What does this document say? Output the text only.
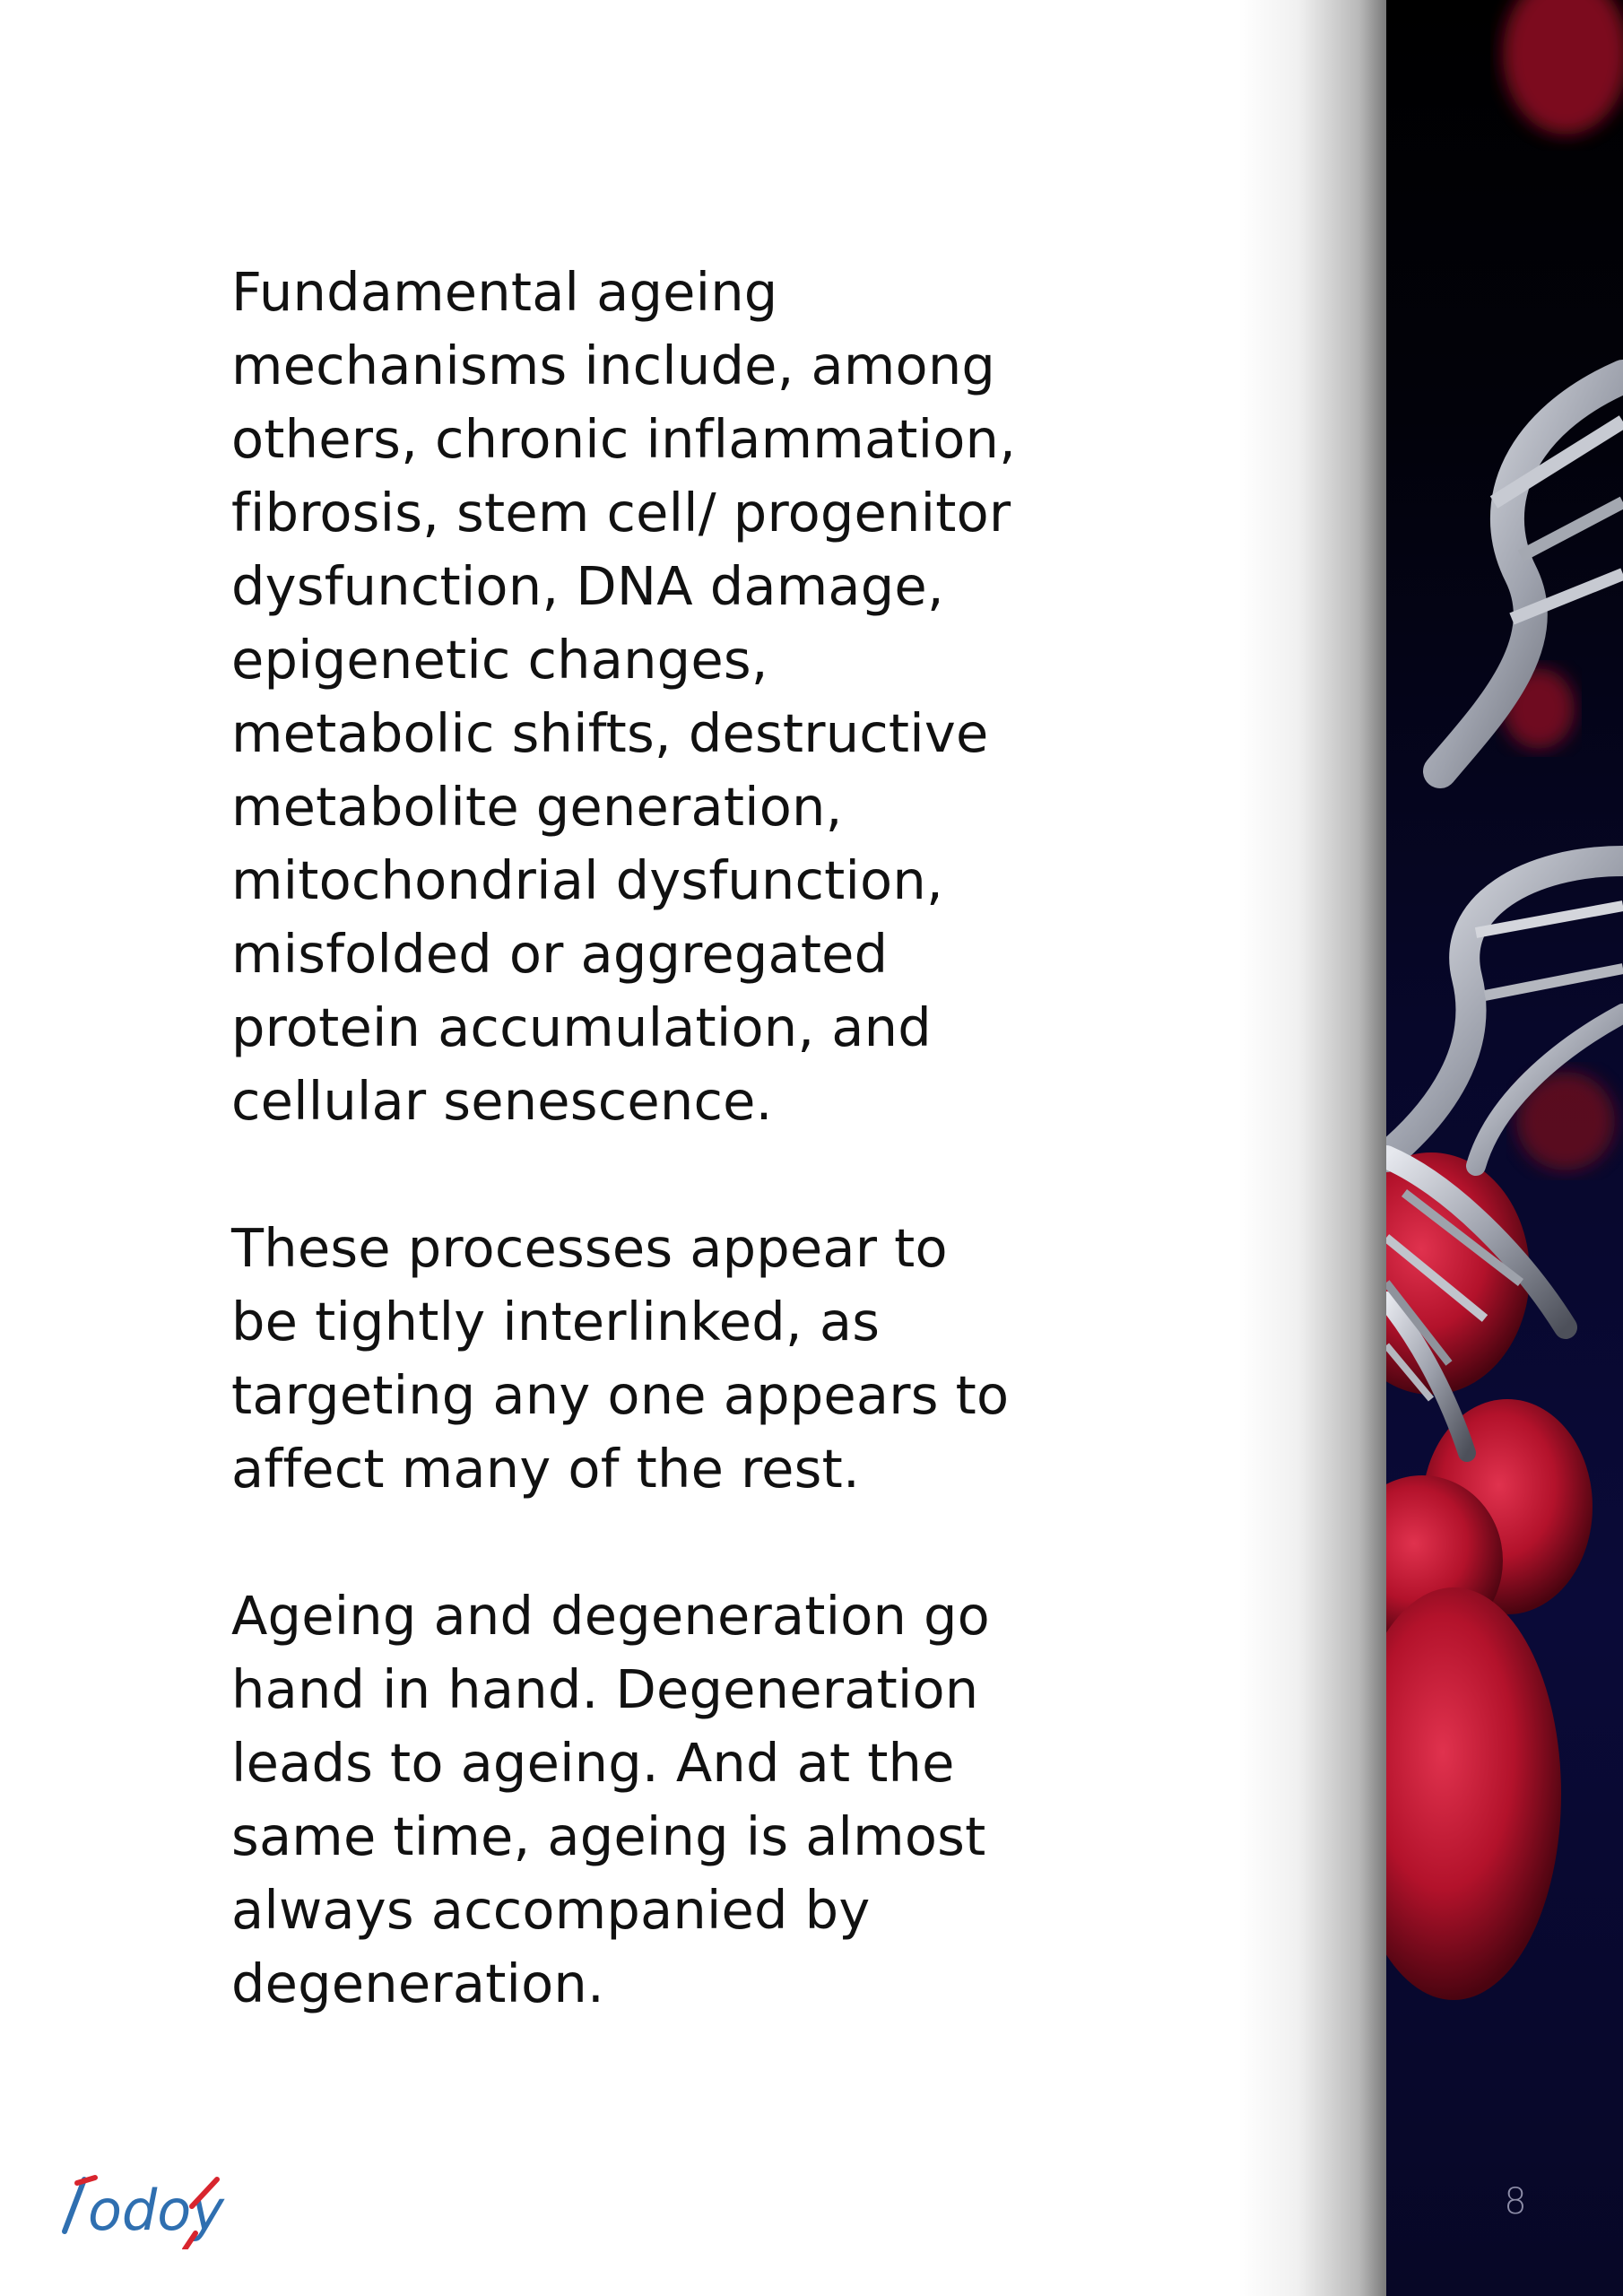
Fundamental ageing
mechanisms include, among
others, chronic inflammation,
fibrosis, stem cell/ progenitor
dysfunction, DNA damage,
epigenetic changes,
metabolic shifts, destructive
metabolite generation,
mitochondrial dysfunction,
misfolded or aggregated
protein accumulation, and
cellular senescence.

These processes appear to
be tightly interlinked, as
targeting any one appears to
affect many of the rest.

Ageing and degeneration go
hand in hand. Degeneration
leads to ageing. And at the
same time, ageing is almost
always accompanied by
degeneration.

odoy	8
